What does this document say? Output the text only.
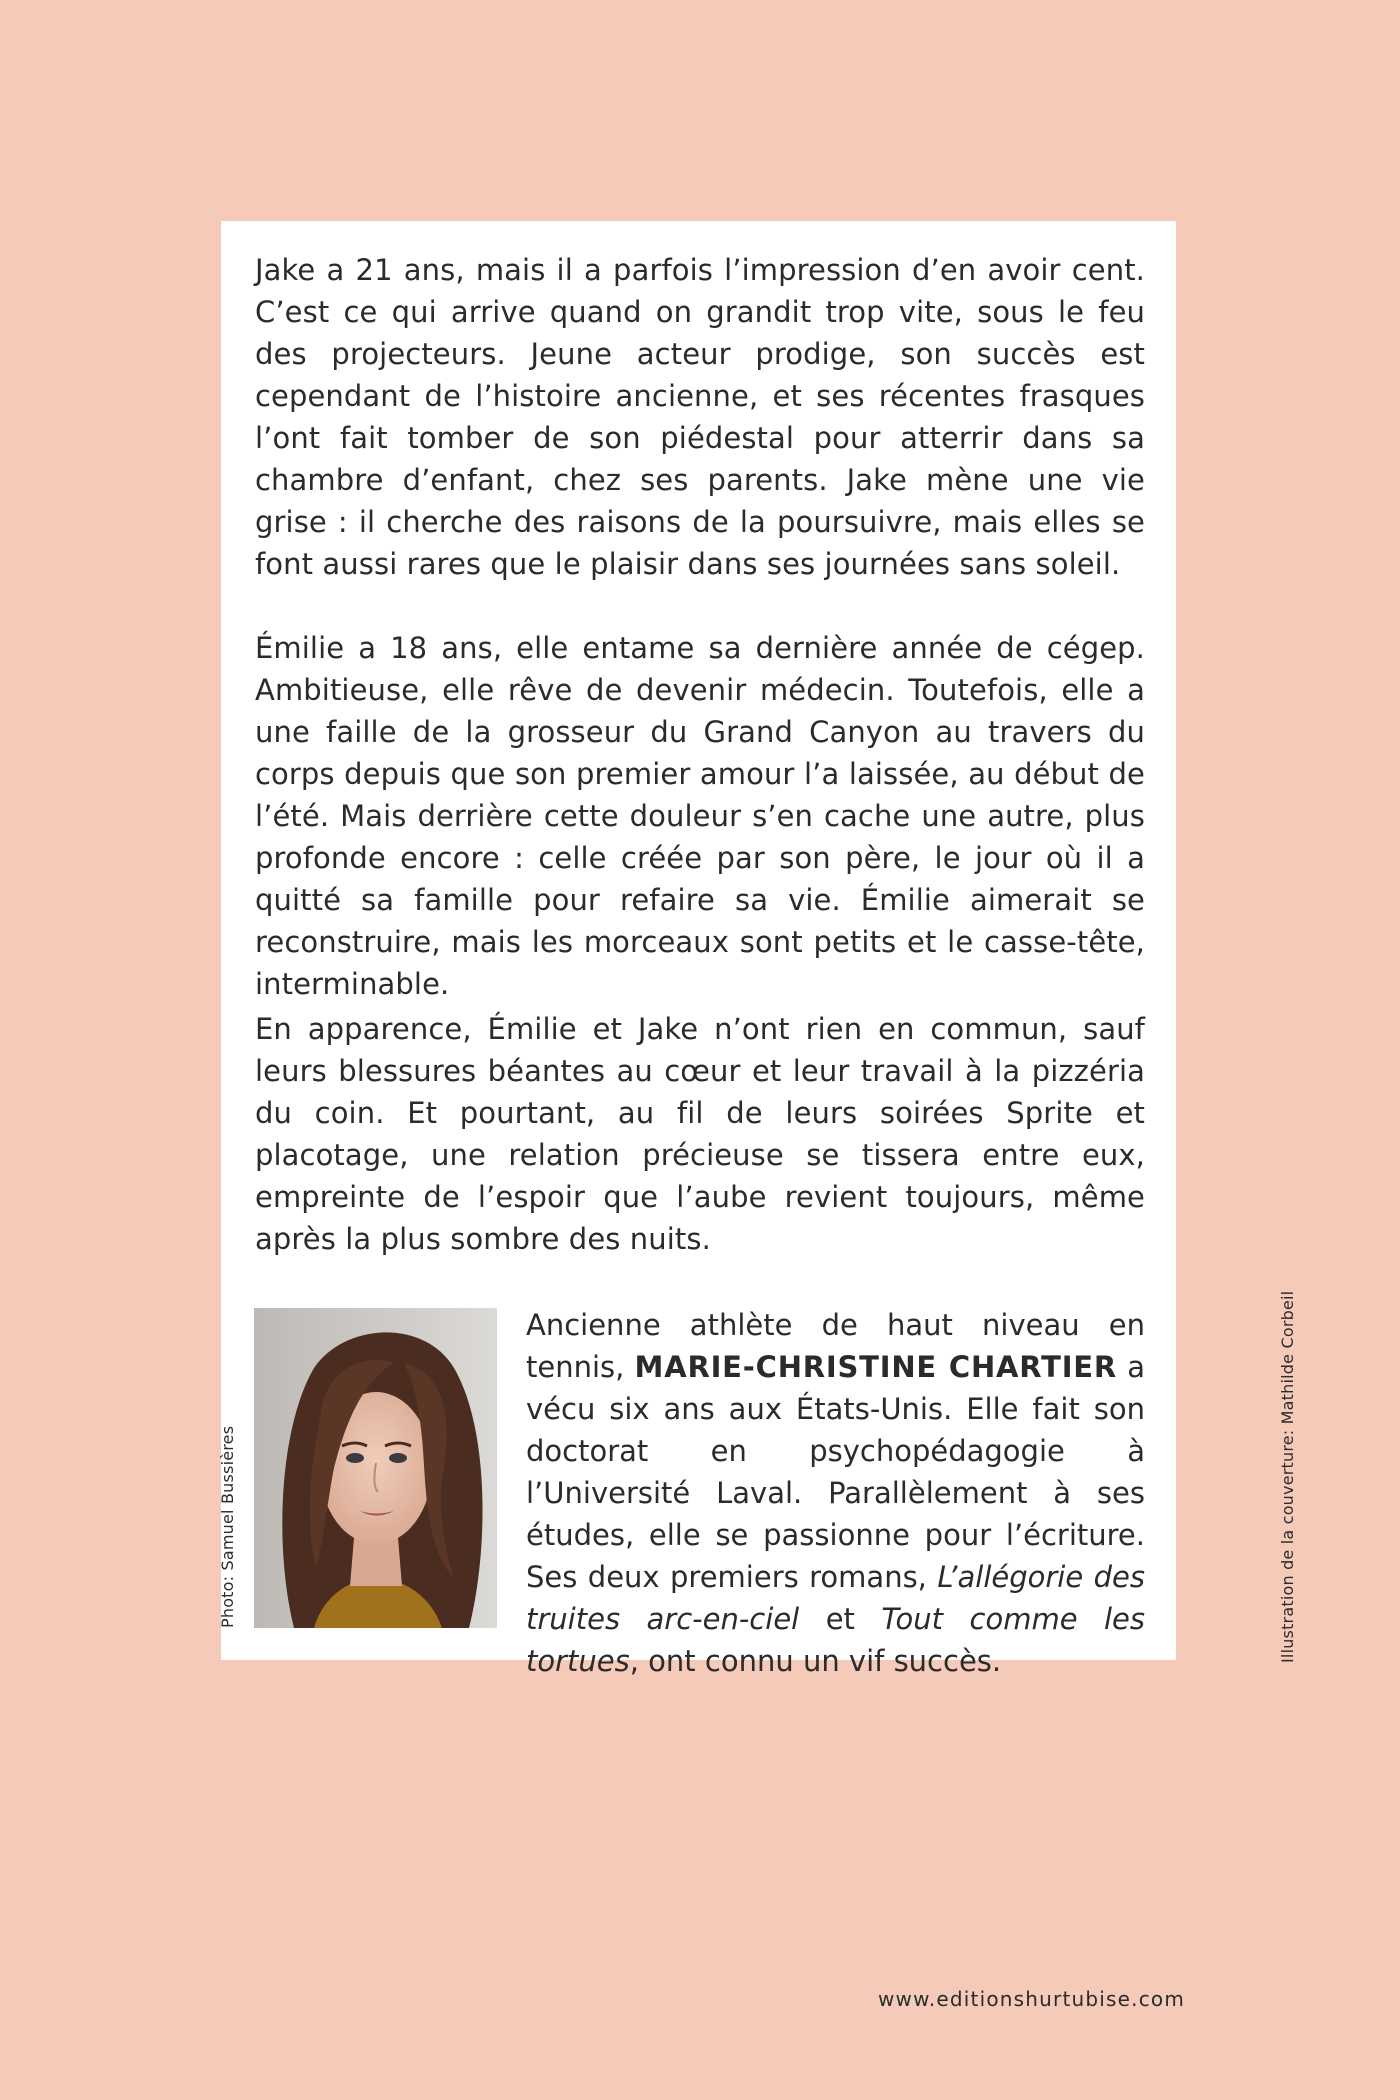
Jake a 21 ans, mais il a parfois l’impression d’en avoir cent. C’est ce qui arrive quand on grandit trop vite, sous le feu des projecteurs. Jeune acteur prodige, son succès est cependant de l’histoire ancienne, et ses récentes frasques l’ont fait tomber de son piédestal pour atterrir dans sa chambre d’enfant, chez ses parents. Jake mène une vie grise : il cherche des raisons de la poursuivre, mais elles se font aussi rares que le plaisir dans ses journées sans soleil.

Émilie a 18 ans, elle entame sa dernière année de cégep. Ambitieuse, elle rêve de devenir médecin. Toutefois, elle a une faille de la grosseur du Grand Canyon au travers du corps depuis que son premier amour l’a laissée, au début de l’été. Mais derrière cette douleur s’en cache une autre, plus profonde encore : celle créée par son père, le jour où il a quitté sa famille pour refaire sa vie. Émilie aimerait se reconstruire, mais les morceaux sont petits et le casse-tête, interminable.

En apparence, Émilie et Jake n’ont rien en commun, sauf leurs blessures béantes au cœur et leur travail à la pizzéria du coin. Et pourtant, au fil de leurs soirées Sprite et placotage, une relation précieuse se tissera entre eux, empreinte de l’espoir que l’aube revient toujours, même après la plus sombre des nuits.

Ancienne athlète de haut niveau en tennis, MARIE-CHRISTINE CHARTIER a vécu six ans aux États-Unis. Elle fait son doctorat en psychopédagogie à l’Université Laval. Parallèlement à ses études, elle se passionne pour l’écriture. Ses deux premiers romans, L’allégorie des truites arc-en-ciel et Tout comme les tortues, ont connu un vif succès.

Photo: Samuel Bussières	Illustration de la couverture: Mathilde Corbeil
www.editionshurtubise.com
